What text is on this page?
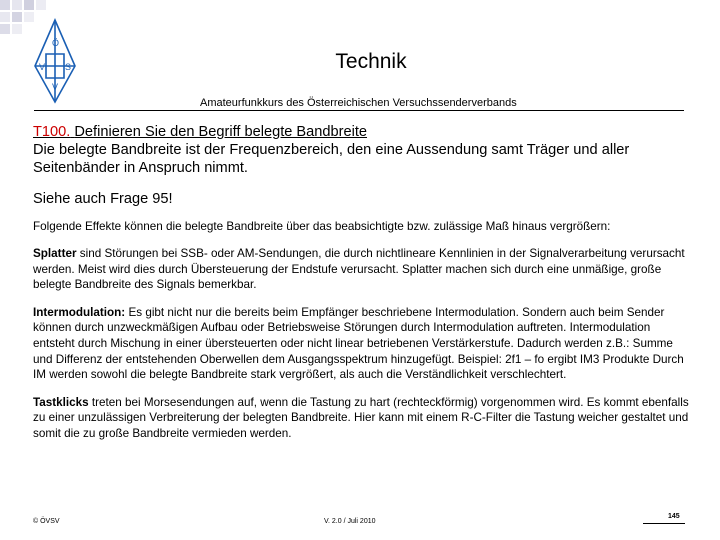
Ö
V S
V
Technik
Amateurfunkkurs des Österreichischen Versuchssenderverbands
T100. Definieren Sie den Begriff belegte Bandbreite
Die belegte Bandbreite ist der Frequenzbereich, den eine Aussendung samt Träger und aller Seitenbänder in Anspruch nimmt.
Siehe auch Frage 95!
Folgende Effekte können die belegte Bandbreite über das beabsichtigte bzw. zulässige Maß hinaus vergrößern:
Splatter sind Störungen bei SSB- oder AM-Sendungen, die durch nichtlineare Kennlinien in der Signalverarbeitung verursacht werden. Meist wird dies durch Übersteuerung der Endstufe verursacht. Splatter machen sich durch eine unmäßige, große belegte Bandbreite des Signals bemerkbar.
Intermodulation: Es gibt nicht nur die bereits beim Empfänger beschriebene Intermodulation. Sondern auch beim Sender können durch unzweckmäßigen Aufbau oder Betriebsweise Störungen durch Intermodulation auftreten. Intermodulation entsteht durch Mischung in einer übersteuerten oder nicht linear betriebenen Verstärkerstufe. Dadurch werden z.B.: Summe und Differenz der entstehenden Oberwellen dem Ausgangsspektrum hinzugefügt. Beispiel: 2f1 – fo ergibt IM3 Produkte Durch IM werden sowohl die belegte Bandbreite stark vergrößert, als auch die Verständlichkeit verschlechtert.
Tastklicks treten bei Morsesendungen auf, wenn die Tastung zu hart (rechteckförmig) vorgenommen wird. Es kommt ebenfalls zu einer unzulässigen Verbreiterung der belegten Bandbreite. Hier kann mit einem R-C-Filter die Tastung weicher gestaltet und somit die zu große Bandbreite vermieden werden.
© ÖVSV	V. 2.0 / Juli 2010
145
